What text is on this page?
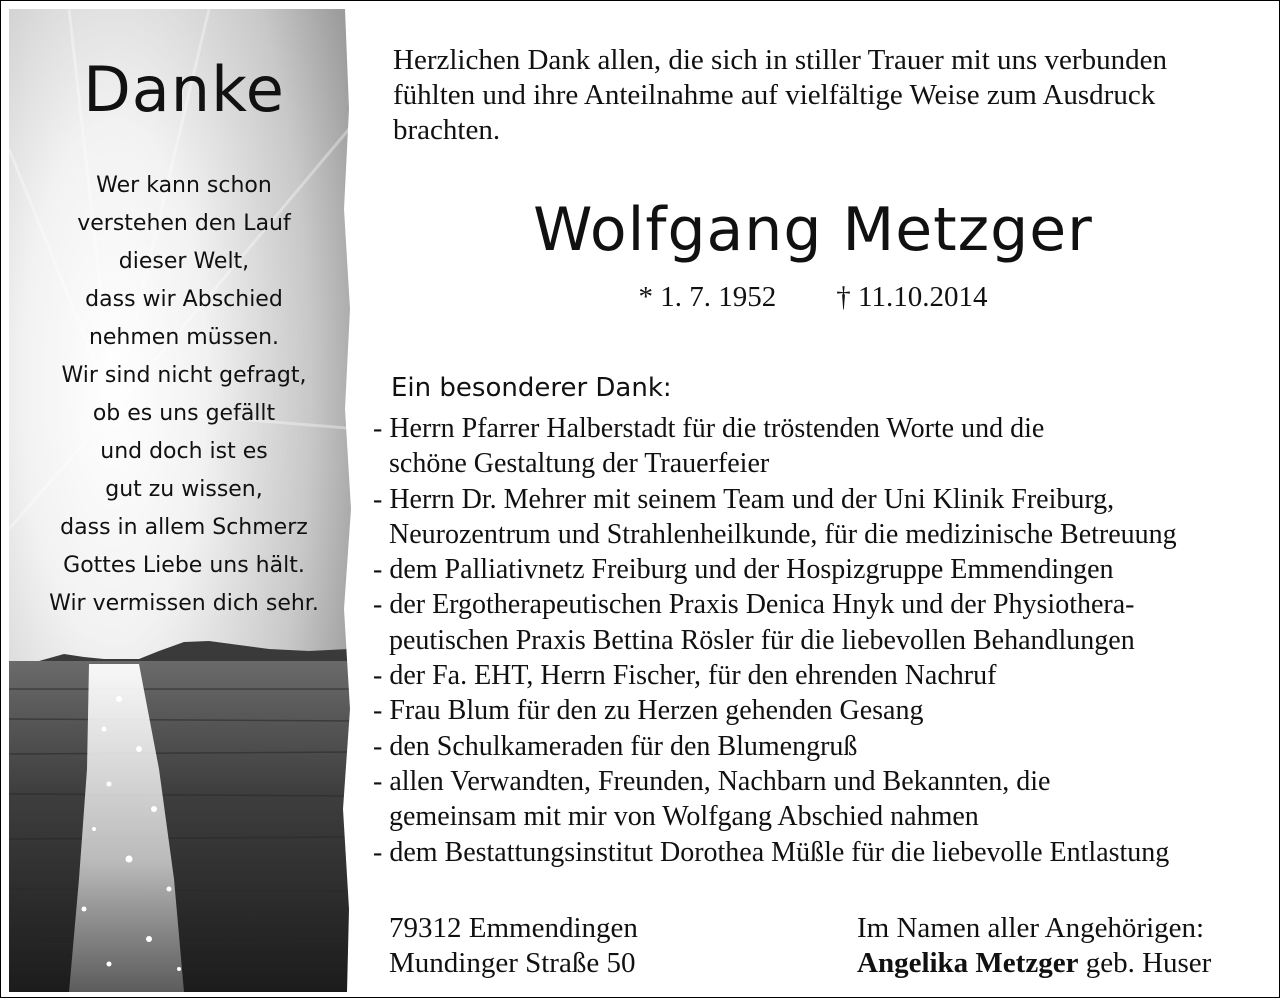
Danke
Wer kann schon
verstehen den Lauf
dieser Welt,
dass wir Abschied
nehmen müssen.
Wir sind nicht gefragt,
ob es uns gefällt
und doch ist es
gut zu wissen,
dass in allem Schmerz
Gottes Liebe uns hält.
Wir vermissen dich sehr.
Herzlichen Dank allen, die sich in stiller Trauer mit uns verbunden
fühlten und ihre Anteilnahme auf vielfältige Weise zum Ausdruck
brachten.
Wolfgang Metzger
* 1. 7. 1952 † 11.10.2014
Ein besonderer Dank:
- Herrn Pfarrer Halberstadt für die tröstenden Worte und die
schöne Gestaltung der Trauerfeier
- Herrn Dr. Mehrer mit seinem Team und der Uni Klinik Freiburg,
Neurozentrum und Strahlenheilkunde, für die medizinische Betreuung
- dem Palliativnetz Freiburg und der Hospizgruppe Emmendingen
- der Ergotherapeutischen Praxis Denica Hnyk und der Physiothera-
peutischen Praxis Bettina Rösler für die liebevollen Behandlungen
- der Fa. EHT, Herrn Fischer, für den ehrenden Nachruf
- Frau Blum für den zu Herzen gehenden Gesang
- den Schulkameraden für den Blumengruß
- allen Verwandten, Freunden, Nachbarn und Bekannten, die
gemeinsam mit mir von Wolfgang Abschied nahmen
- dem Bestattungsinstitut Dorothea Müßle für die liebevolle Entlastung
79312 Emmendingen
Mundinger Straße 50
Im Namen aller Angehörigen:
Angelika Metzger geb. Huser
